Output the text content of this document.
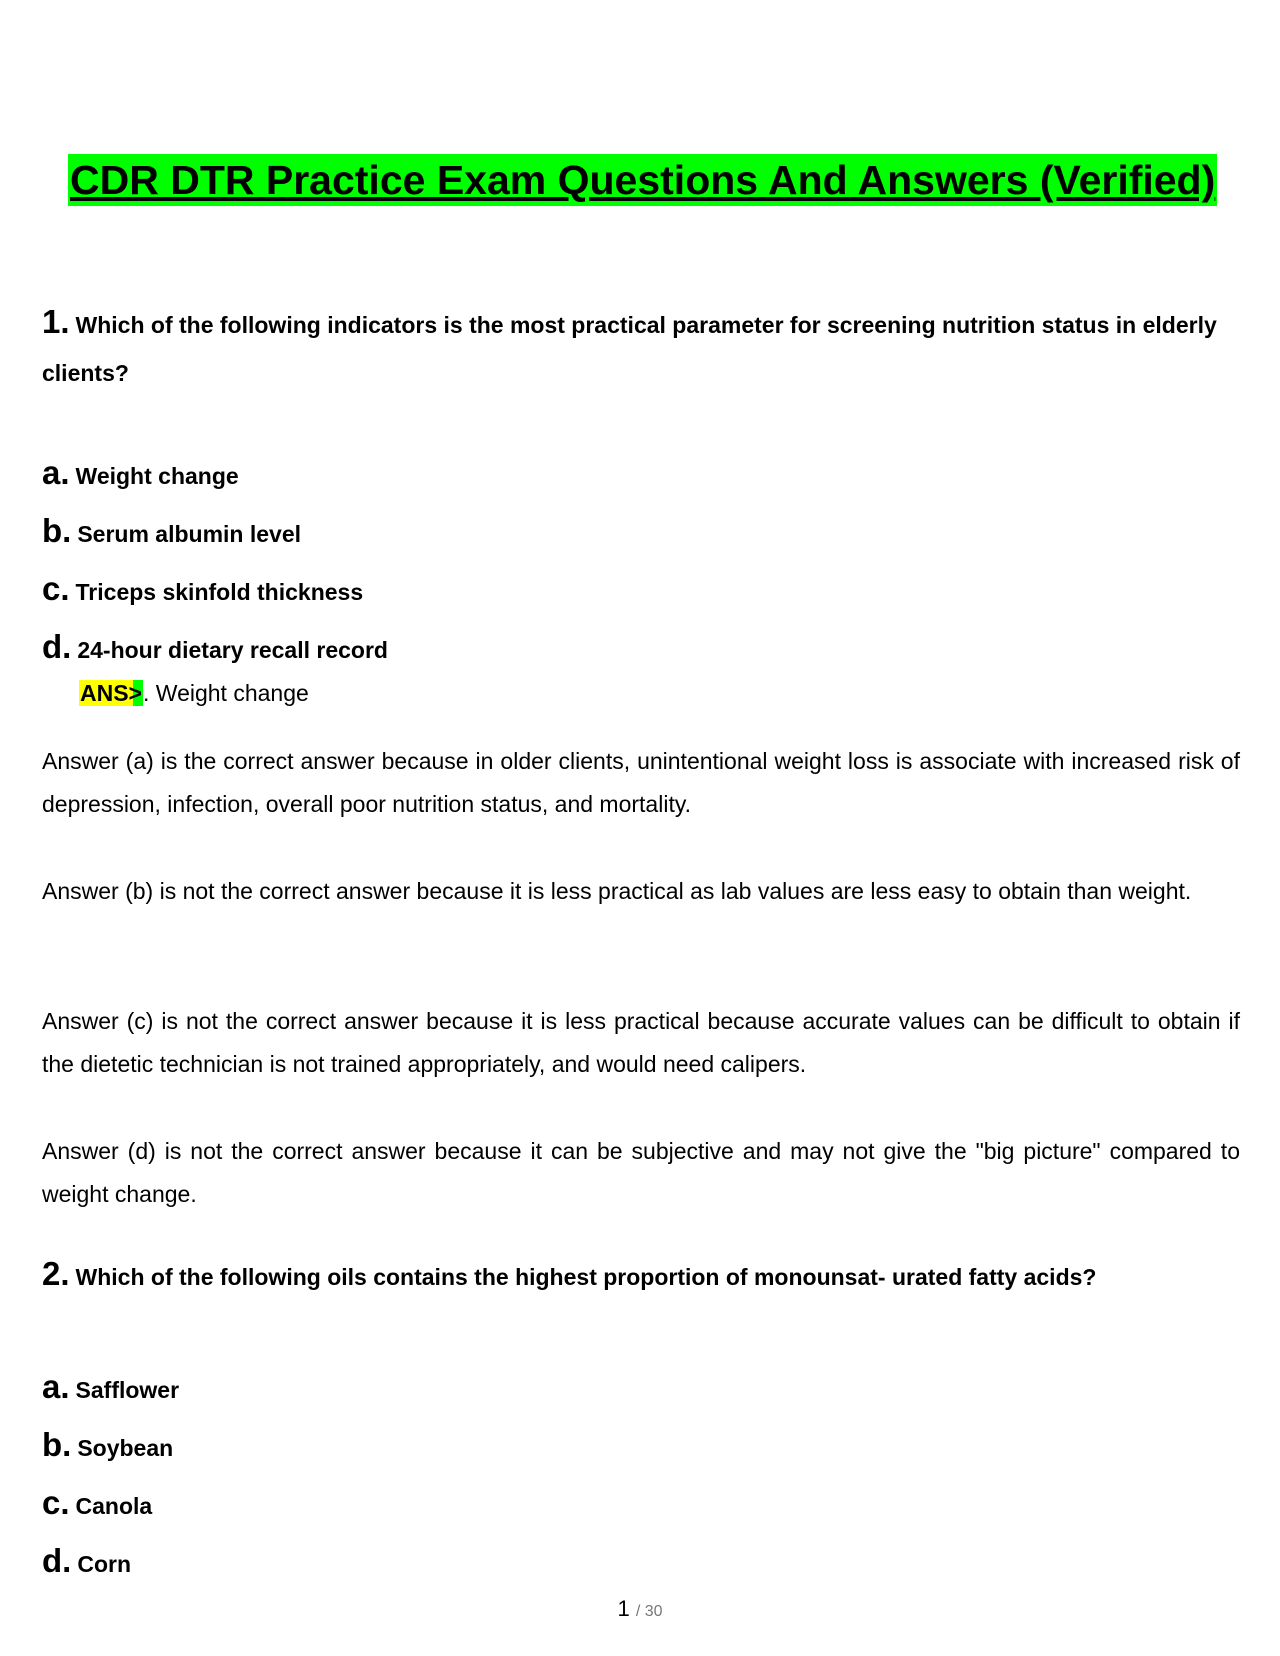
CDR DTR Practice Exam Questions And Answers (Verified)
1. Which of the following indicators is the most practical parameter for screening nutrition status in elderly clients?
a. Weight change
b. Serum albumin level
c. Triceps skinfold thickness
d. 24-hour dietary recall record
ANS>. Weight change

Answer (a) is the correct answer because in older clients, unintentional weight loss is associate with increased risk of depression, infection, overall poor nutrition status, and mortality.

Answer (b) is not the correct answer because it is less practical as lab values are less easy to obtain than weight.

Answer (c) is not the correct answer because it is less practical because accurate values can be difficult to obtain if the dietetic technician is not trained appropriately, and would need calipers.

Answer (d) is not the correct answer because it can be subjective and may not give the "big picture" compared to weight change.

2. Which of the following oils contains the highest proportion of monounsat- urated fatty acids?
a. Safflower
b. Soybean
c. Canola
d. Corn
1 / 30
